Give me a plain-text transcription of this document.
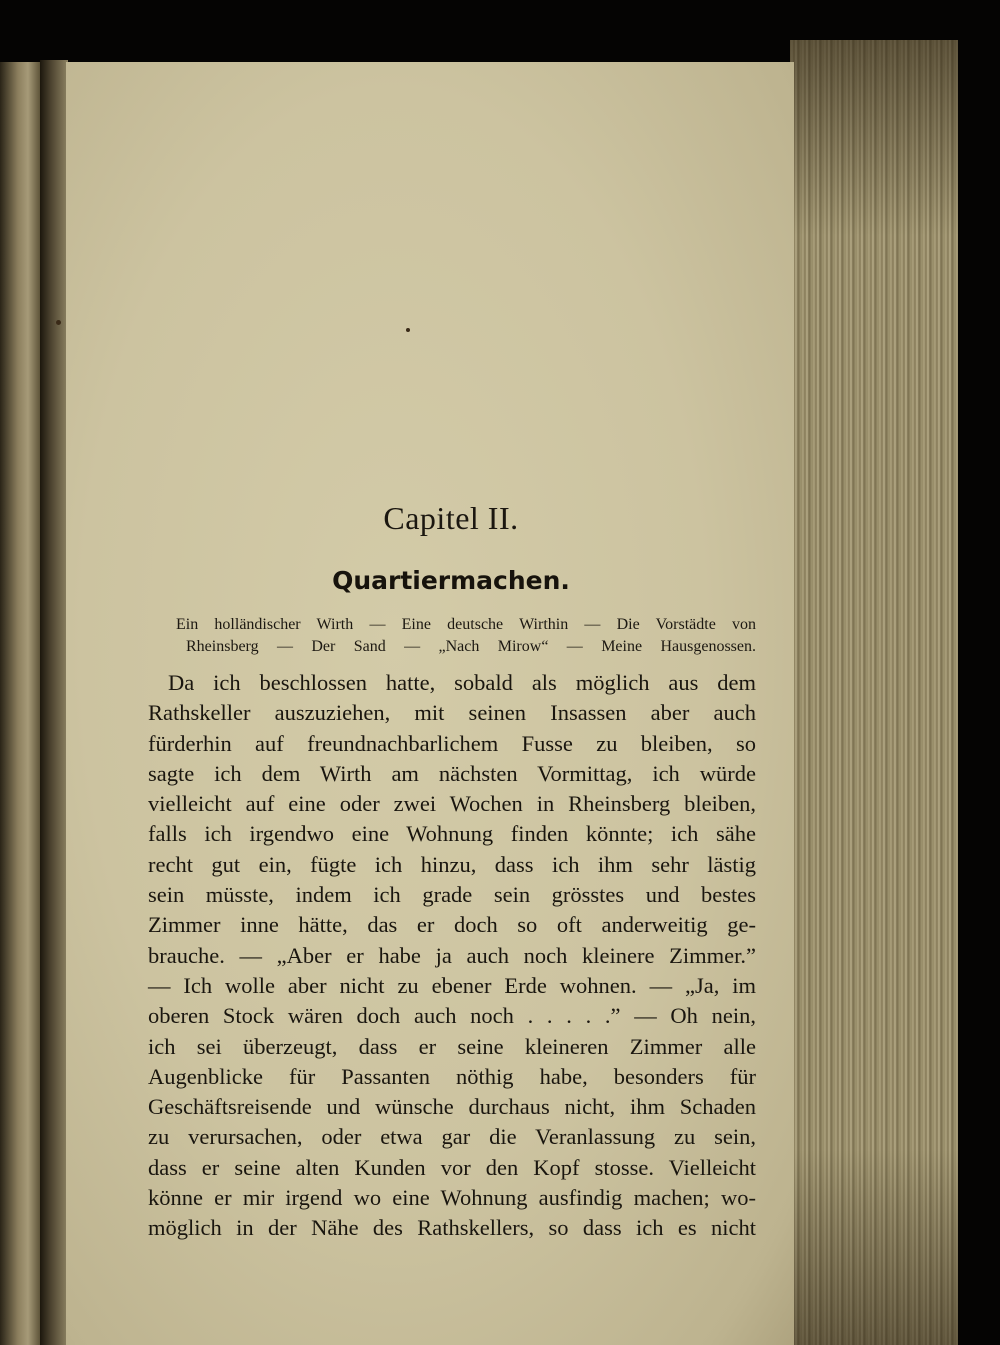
Capitel II.
Quartiermachen.
Ein holländischer Wirth — Eine deutsche Wirthin — Die Vorstädte von
Rheinsberg — Der Sand — „Nach Mirow“ — Meine Hausgenossen.
Da ich beschlossen hatte, sobald als möglich aus dem
Rathskeller auszuziehen, mit seinen Insassen aber auch
fürderhin auf freundnachbarlichem Fusse zu bleiben, so
sagte ich dem Wirth am nächsten Vormittag, ich würde
vielleicht auf eine oder zwei Wochen in Rheinsberg bleiben,
falls ich irgendwo eine Wohnung finden könnte; ich sähe
recht gut ein, fügte ich hinzu, dass ich ihm sehr lästig
sein müsste, indem ich grade sein grösstes und bestes
Zimmer inne hätte, das er doch so oft anderweitig ge-
brauche. — „Aber er habe ja auch noch kleinere Zimmer.”
— Ich wolle aber nicht zu ebener Erde wohnen. — „Ja, im
oberen Stock wären doch auch noch . . . . .” — Oh nein,
ich sei überzeugt, dass er seine kleineren Zimmer alle
Augenblicke für Passanten nöthig habe, besonders für
Geschäftsreisende und wünsche durchaus nicht, ihm Schaden
zu verursachen, oder etwa gar die Veranlassung zu sein,
dass er seine alten Kunden vor den Kopf stosse. Vielleicht
könne er mir irgend wo eine Wohnung ausfindig machen; wo-
möglich in der Nähe des Rathskellers, so dass ich es nicht
